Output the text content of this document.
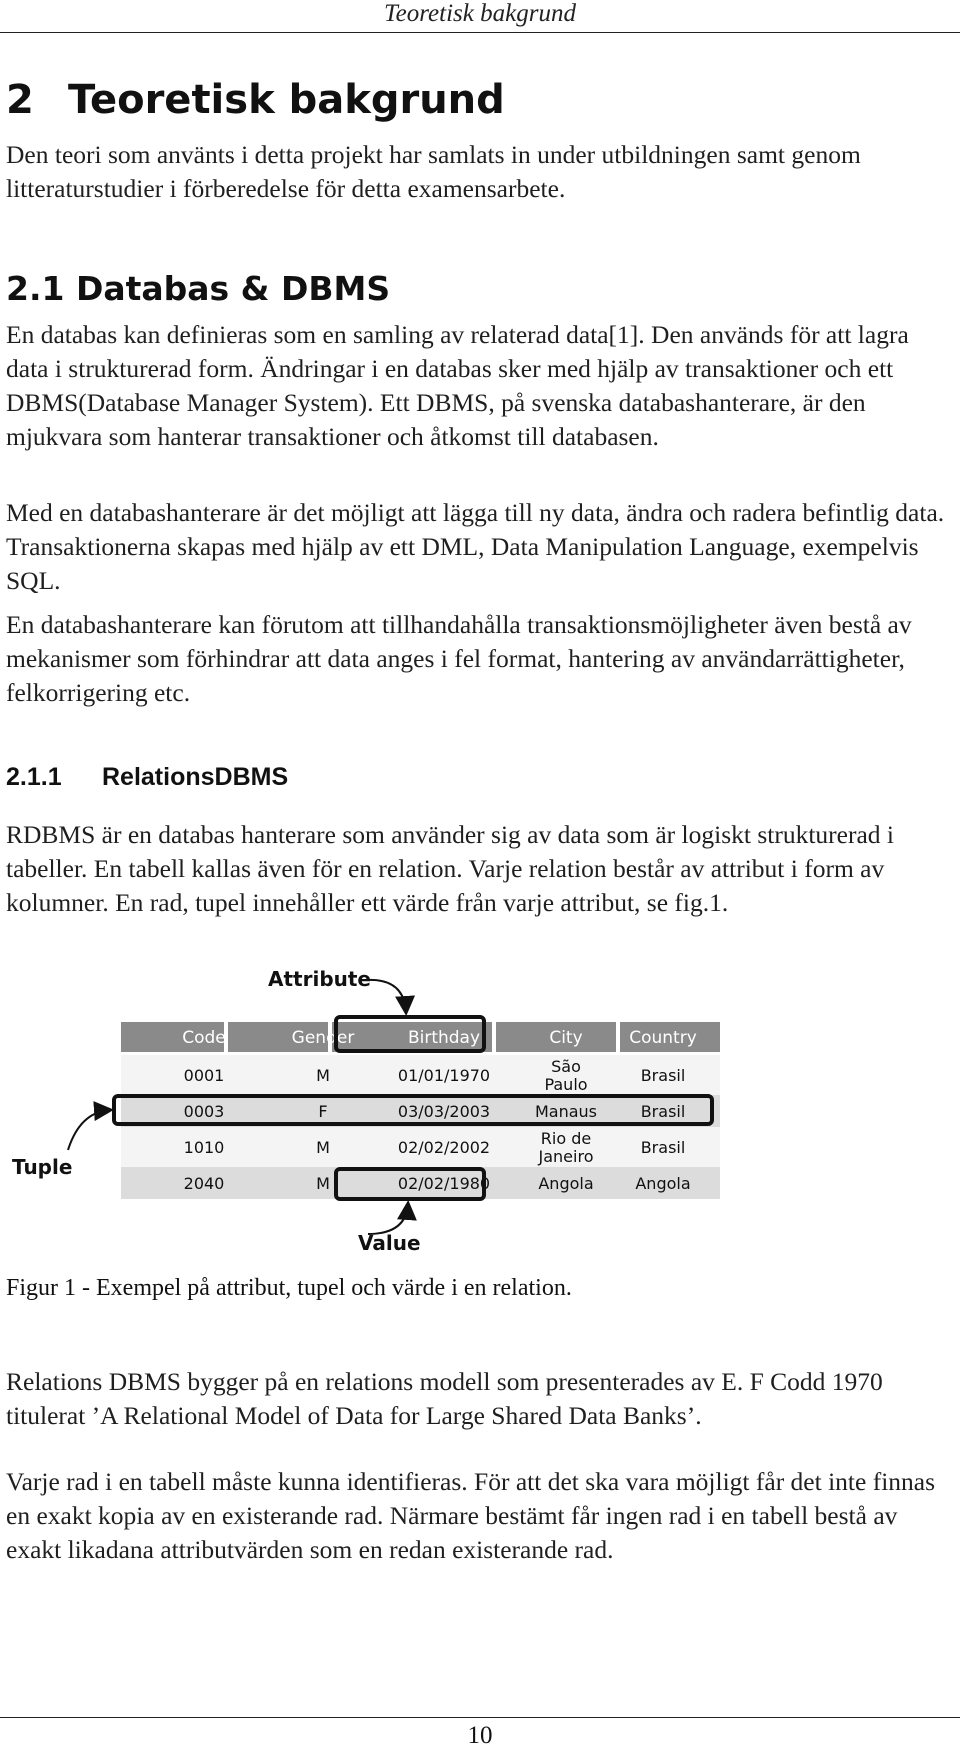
Teoretisk bakgrund
2 Teoretisk bakgrund

Den teori som använts i detta projekt har samlats in under utbildningen samt genom litteraturstudier i förberedelse för detta examensarbete.

2.1 Databas & DBMS

En databas kan definieras som en samling av relaterad data[1]. Den används för att lagra data i strukturerad form. Ändringar i en databas sker med hjälp av transaktioner och ett DBMS(Database Manager System). Ett DBMS, på svenska databashanterare, är den mjukvara som hanterar transaktioner och åtkomst till databasen.

Med en databashanterare är det möjligt att lägga till ny data, ändra och radera befintlig data. Transaktionerna skapas med hjälp av ett DML, Data Manipulation Language, exempelvis SQL.

En databashanterare kan förutom att tillhandahålla transaktionsmöjligheter även bestå av mekanismer som förhindrar att data anges i fel format, hantering av användarrättigheter, felkorrigering etc.

2.1.1 RelationsDBMS

RDBMS är en databas hanterare som använder sig av data som är logiskt strukturerad i tabeller. En tabell kallas även för en relation. Varje relation består av attribut i form av kolumner. En rad, tupel innehåller ett värde från varje attribut, se fig.1.

Code	Gender	Birthday	City	Country
0001	M	01/01/1970	São
Paulo	Brasil
0003	F	03/03/2003	Manaus	Brasil
1010	M	02/02/2002	Rio de
Janeiro	Brasil
2040	M	02/02/1980	Angola	Angola
Attribute
Tuple
Value

Figur 1 - Exempel på attribut, tupel och värde i en relation.

Relations DBMS bygger på en relations modell som presenterades av E. F Codd 1970 titulerat ’A Relational Model of Data for Large Shared Data Banks’.

Varje rad i en tabell måste kunna identifieras. För att det ska vara möjligt får det inte finnas en exakt kopia av en existerande rad. Närmare bestämt får ingen rad i en tabell bestå av exakt likadana attributvärden som en redan existerande rad.

10
